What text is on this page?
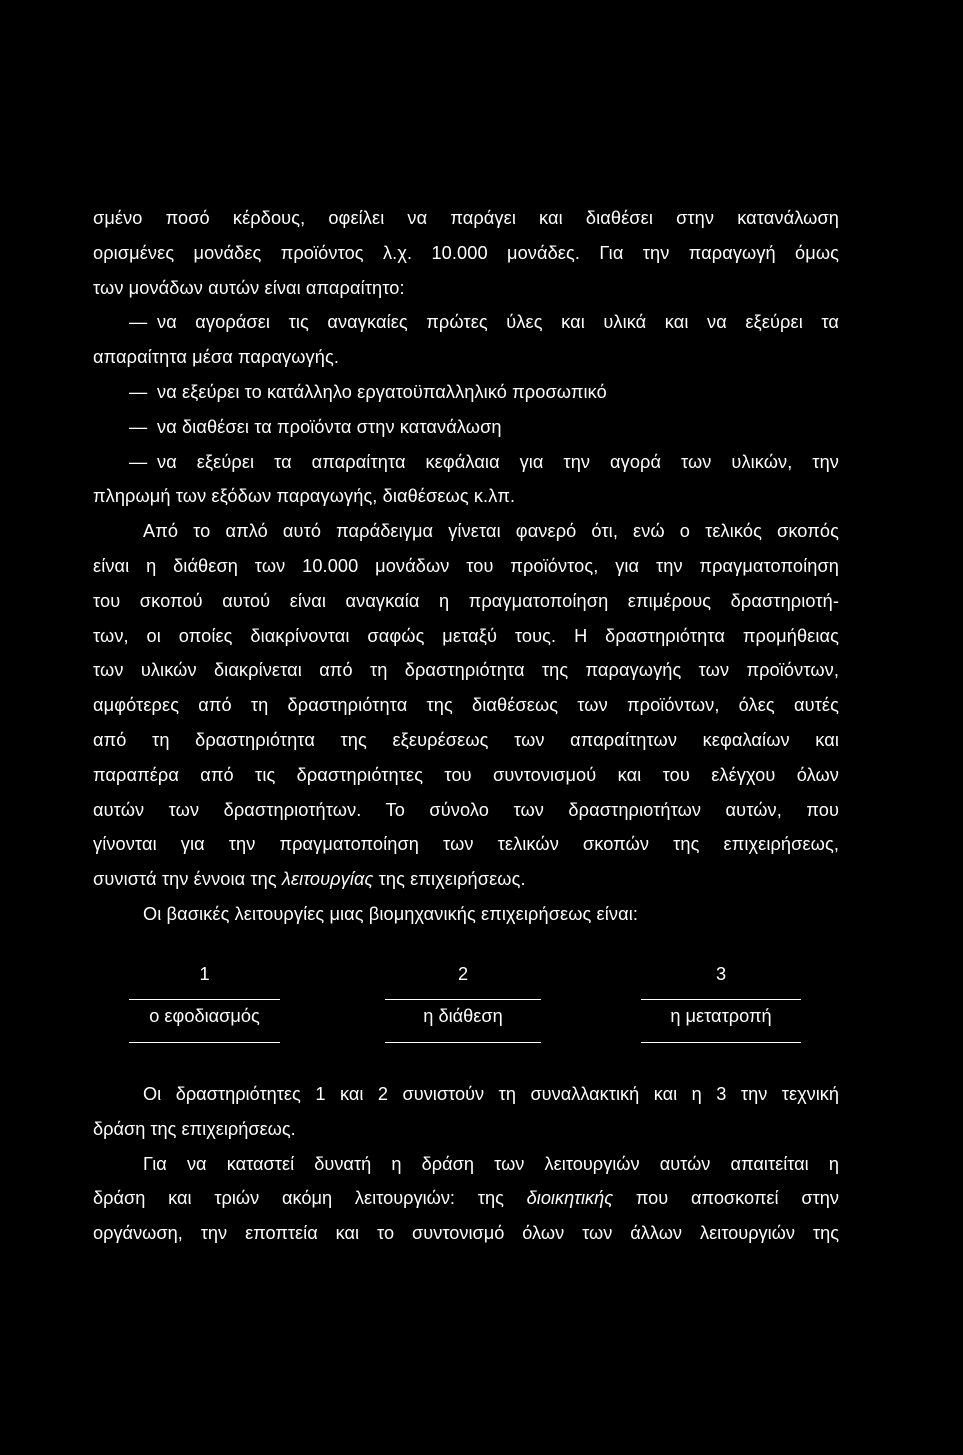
σμένο ποσό κέρδους, οφείλει να παράγει και διαθέσει στην κατανάλωση
ορισμένες μονάδες προϊόντος λ.χ. 10.000 μονάδες. Για την παραγωγή όμως
των μονάδων αυτών είναι απαραίτητο:
— να αγοράσει τις αναγκαίες πρώτες ύλες και υλικά και να εξεύρει τα
απαραίτητα μέσα παραγωγής.
— να εξεύρει το κατάλληλο εργατοϋπαλληλικό προσωπικό
— να διαθέσει τα προϊόντα στην κατανάλωση
— να εξεύρει τα απαραίτητα κεφάλαια για την αγορά των υλικών, την
πληρωμή των εξόδων παραγωγής, διαθέσεως κ.λπ.
Από το απλό αυτό παράδειγμα γίνεται φανερό ότι, ενώ ο τελικός σκοπός
είναι η διάθεση των 10.000 μονάδων του προϊόντος, για την πραγματοποίηση
του σκοπού αυτού είναι αναγκαία η πραγματοποίηση επιμέρους δραστηριοτή-
των, οι οποίες διακρίνονται σαφώς μεταξύ τους. Η δραστηριότητα προμήθειας
των υλικών διακρίνεται από τη δραστηριότητα της παραγωγής των προϊόντων,
αμφότερες από τη δραστηριότητα της διαθέσεως των προϊόντων, όλες αυτές
από τη δραστηριότητα της εξευρέσεως των απαραίτητων κεφαλαίων και
παραπέρα από τις δραστηριότητες του συντονισμού και του ελέγχου όλων
αυτών των δραστηριοτήτων. Το σύνολο των δραστηριοτήτων αυτών, που
γίνονται για την πραγματοποίηση των τελικών σκοπών της επιχειρήσεως,
συνιστά την έννοια της λειτουργίας της επιχειρήσεως.
Οι βασικές λειτουργίες μιας βιομηχανικής επιχειρήσεως είναι:
1
ο εφοδιασμός
2
η διάθεση
3
η μετατροπή
Οι δραστηριότητες 1 και 2 συνιστούν τη συναλλακτική και η 3 την τεχνική
δράση της επιχειρήσεως.
Για να καταστεί δυνατή η δράση των λειτουργιών αυτών απαιτείται η
δράση και τριών ακόμη λειτουργιών: της διοικητικής που αποσκοπεί στην
οργάνωση, την εποπτεία και το συντονισμό όλων των άλλων λειτουργιών της
